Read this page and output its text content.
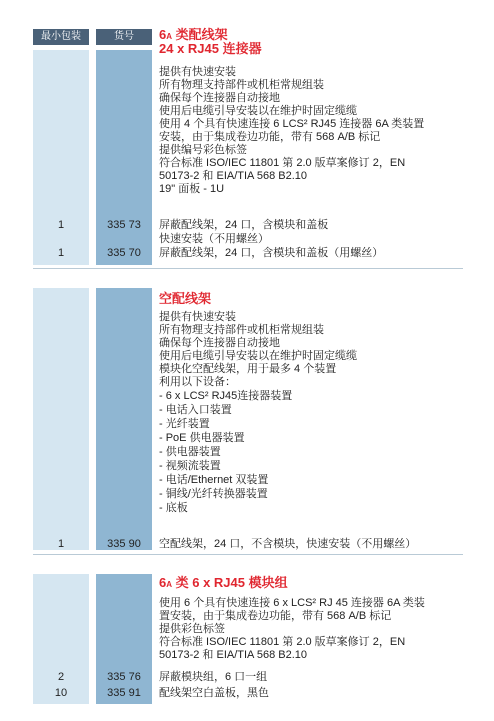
最小包装	货号	6A 类配线架
24 x RJ45 连接器
提供有快速安装
所有物理支持部件或机柜常规组装
确保每个连接器自动接地
使用后电缆引导安装以在维护时固定缆缆
使用 4 个具有快速连接 6 LCS² RJ45 连接器 6A 类装置
安装，由于集成卷边功能，带有 568 A/B 标记
提供编号彩色标签
符合标准 ISO/IEC 11801 第 2.0 版草案修订 2，EN
50173-2 和 EIA/TIA 568 B2.10
19" 面板 - 1U
1	335 73	屏蔽配线架，24 口，含模块和盖板
快速安装（不用螺丝）
1	335 70	屏蔽配线架，24 口，含模块和盖板（用螺丝）
空配线架
提供有快速安装
所有物理支持部件或机柜常规组装
确保每个连接器自动接地
使用后电缆引导安装以在维护时固定缆缆
模块化空配线架，用于最多 4 个装置
利用以下设备：
- 6 x LCS² RJ45连接器装置
- 电话入口装置
- 光纤装置
- PoE 供电器装置
- 供电器装置
- 视频流装置
- 电话/Ethernet 双装置
- 铜线/光纤转换器装置
- 底板
1	335 90	空配线架，24 口，不含模块，快速安装（不用螺丝）
6A 类 6 x RJ45 模块组
使用 6 个具有快速连接 6 x LCS² RJ 45 连接器 6A 类装
置安装，由于集成卷边功能，带有 568 A/B 标记
提供彩色标签
符合标准 ISO/IEC 11801 第 2.0 版草案修订 2，EN
50173-2 和 EIA/TIA 568 B2.10
2	335 76	屏蔽模块组，6 口一组
10	335 91	配线架空白盖板，黑色
